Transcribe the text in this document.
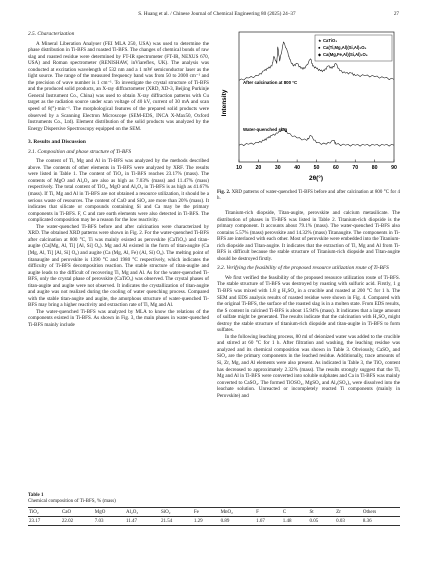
S. Huang et al. / Chinese Journal of Chemical Engineering 80 (2025) 24–37	27
2.5. Characterization

A Mineral Liberation Analyser (FEI MLA 250, USA) was used to determine the phase distribution in Ti-BFS and roasted Ti-BFS. The changes of chemical bonds of raw slag and roasted residue were determined by FT-IR spectrometer (FT-IR, NEXUS 670, USA) and Roman spectrometer (RENISHAW, inViareflex, UK). The analysis was conducted at excitation wavelength of 532 nm and a 1 mW semiconductor laser as the light source. The range of the measured frequency band was from 50 to 2000 cm⁻¹ and the precision of wave number is 1 cm⁻¹. To investigate the crystal structure of Ti-BFS and the produced solid products, an X-ray diffractometer (XRD, XD-3, Beijing Purkinje General Instrument Co., China) was used to obtain X-ray diffraction patterns with Cu target as the radiation source under scan voltage of 40 kV, current of 30 mA and scan speed of 8(°)·min⁻¹. The morphological features of the prepared solid products were observed by a Scanning Electron Microscope (SEM-EDS, INCA X-Max50, Oxford Instruments Co., Ltd). Element distribution of the solid products was analyzed by the Energy Dispersive Spectroscopy equipped on the SEM.

3. Results and Discussion
3.1. Composition and phase structure of Ti-BFS

The content of Ti, Mg and Al in Ti-BFS was analyzed by the methods described above. The contents of other elements in Ti-BFS were analyzed by XRF. The results were listed in Table 1. The content of TiO₂ in Ti-BFS reaches 23.17% (mass). The contents of MgO and Al₂O₃ are also as high as 7.03% (mass) and 11.47% (mass) respectively. The total content of TiO₂, MgO and Al₂O₃ in Ti-BFS is as high as 41.67% (mass). If Ti, Mg and Al in Ti-BFS are not obtained a resource utilization, it should be a serious waste of resources. The content of CaO and SiO₂ are more than 20% (mass). It indicates that silicate or compounds containing Si and Ca may be the primary components in Ti-BFS. F, C and rare earth elements were also detected in Ti-BFS. The complicated composition may be a reason for the low reactivity.

The water-quenched Ti-BFS before and after calcination were characterized by XRD. The obtained XRD patterns were shown in Fig. 2. For the water-quenched Ti-BFS after calcination at 800 °C, Ti was mainly existed as perovskite (CaTiO₃) and titan-augite (Ca[Mg, Al, Ti] [Al, Si] O₆). Mg and Al existed in the form of titan-augite (Ca [Mg, Al, Ti] [Al, Si] O₆) and augite (Ca (Mg, Al, Fe) (Al, Si) O₆). The melting point of titanaugite and perovskite is 1390 °C and 1980 °C respectively, which indicates the difficulty of Ti-BFS decomposition reaction. The stable structure of titan-augite and augite leads to the difficult of recovering Ti, Mg and Al. As for the water-quenched Ti-BFS, only the crystal phase of perovskite (CaTiO₃) was observed. The crystal phases of titan-augite and augite were not observed. It indicates the crystallization of titan-augite and augite was not realized during the cooling of water quenching process. Compared with the stable titan-augite and augite, the amorphous structure of water-quenched Ti-BFS may bring a higher reactivity and extraction rate of Ti, Mg and Al.

The water-quenched Ti-BFS was analyzed by MLA to know the relations of the components existed in Ti-BFS. As shown in Fig. 3, the main phases in water-quenched Ti-BFS mainly include

Intensity
2θ(°)
10	20	30	40	50	60	70	80	90
After calcination at 800 °C
Water-quenched slag
★ CaTiO₃
● Ca(Ti,Mg,Al)(Si,Al)₂O₆
◆ Ca(Mg,Fe,Al)(Si,Al)₂O₆
Fig. 2. XRD patterns of water-quenched Ti-BFS before and after calcination at 800 °C for 4 h.

Titanium-rich diopside, Titan-augite, perovskite and calcium metasilicate. The distribution of phases in Ti-BFS was listed in Table 2. Titanium-rich diopside is the primary component. It accounts about 79.1% (mass). The water-quenched Ti-BFS also contains 5.57% (mass) perovskite and 14.32% (mass) Titanaugite. The components in Ti-BFS are interlaced with each other. Most of perovskite were embedded into the Titanium-rich diopside and Titan-augite. It indicates that the extraction of Ti, Mg and Al from Ti-BFS is difficult because the stable structure of Titanium-rich diopside and Titan-augite should be destroyed firstly.

3.2. Verifying the feasibility of the proposed resource utilization route of Ti-BFS

We first verified the feasibility of the proposed resource utilization route of Ti-BFS. The stable structure of Ti-BFS was destroyed by roasting with sulfuric acid. Firstly, 1 g Ti-BFS was mixed with 1.8 g H₂SO₄ in a crucible and roasted at 200 °C for 1 h. The SEM and EDS analysis results of roasted residue were shown in Fig. 4. Compared with the original Ti-BFS, the surface of the roasted slag is in a molten state. From EDS results, the S content in calcined Ti-BFS is about 15.94% (mass). It indicates that a large amount of sulfate might be generated. The results indicate that the calcination with H₂SO₄ might destroy the stable structure of titanium-rich diopside and titan-augite in Ti-BFS to form sulfates.

In the following leaching process, 80 ml of deionized water was added to the crucible and stirred at 60 °C for 1 h. After filtration and washing, the leaching residue was analyzed and its chemical composition was shown in Table 3. Obviously, CaSO₄ and SiO₂ are the primary components in the leached residue. Additionally, trace amounts of Si, Zr, Mg, and Al elements were also present. As indicated in Table 3, the TiO₂ content has decreased to approximately 2.32% (mass). The results strongly suggest that the Ti, Mg and Al in Ti-BFS were converted into soluble sulphates and Ca in Ti-BFS was mainly converted to CaSO₄. The formed TiOSO₄, MgSO₄ and Al₂(SO₄)₃ were dissolved into the leachate solution. Unreacted or incompletely reacted Ti components (mainly in Perovskite) and

Table 1
Chemical composition of Ti-BFS, % (mass)
TiO₂	CaO	MgO	Al₂O₃	SiO₂	Fe	MnO₂	F	C	St	Zr	Others
23.17	22.02	7.03	11.47	21.54	1.29	0.89	1.67	1.48	0.05	0.03	8.36
